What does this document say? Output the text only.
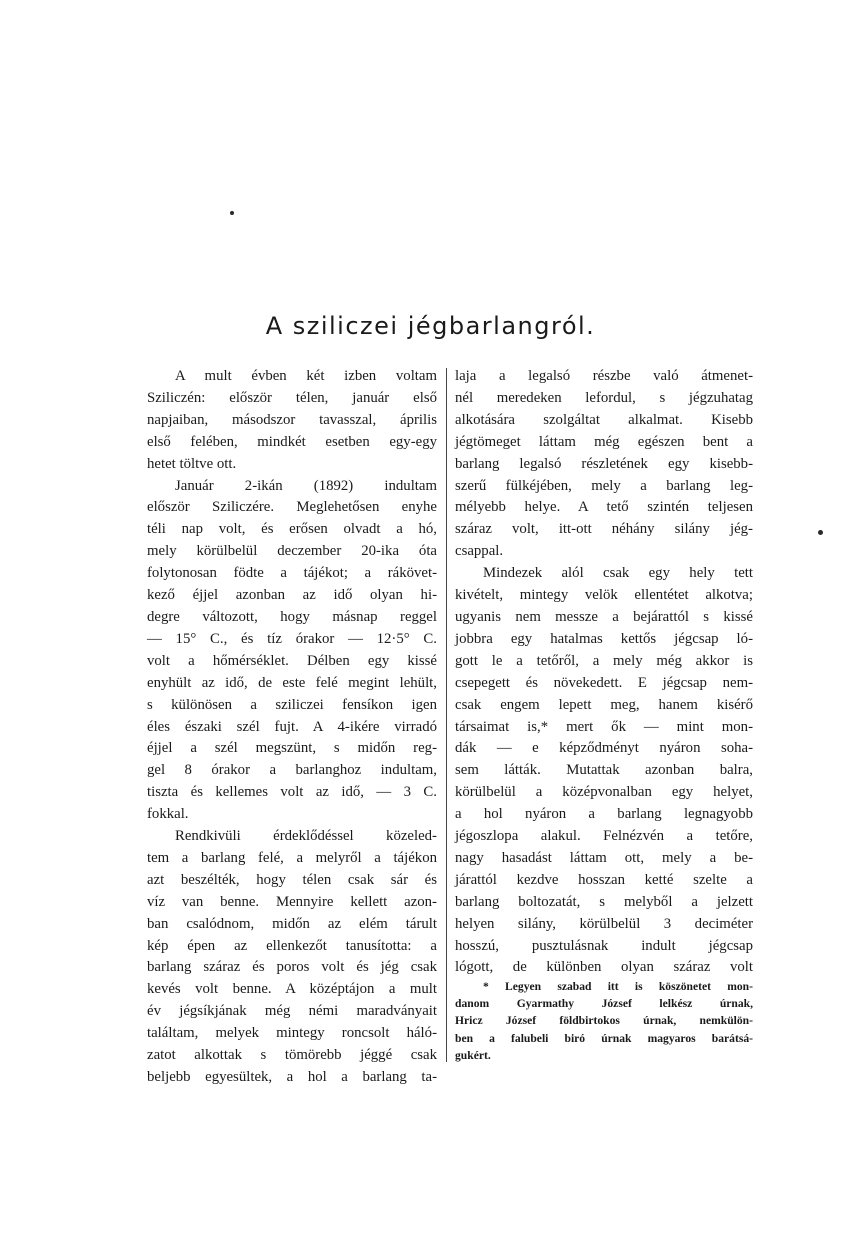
A sziliczei jégbarlangról.

A mult évben két izben voltam
Sziliczén: először télen, január első
napjaiban, másodszor tavasszal, április
első felében, mindkét esetben egy-egy
hetet töltve ott.

Január 2-ikán (1892) indultam
először Sziliczére. Meglehetősen enyhe
téli nap volt, és erősen olvadt a hó,
mely körülbelül deczember 20-ika óta
folytonosan födte a tájékot; a rákövet-
kező éjjel azonban az idő olyan hi-
degre változott, hogy másnap reggel
— 15° C., és tíz órakor — 12·5° C.
volt a hőmérséklet. Délben egy kissé
enyhült az idő, de este felé megint lehült,
s különösen a sziliczei fensíkon igen
éles északi szél fujt. A 4-ikére virradó
éjjel a szél megszünt, s midőn reg-
gel 8 órakor a barlanghoz indultam,
tiszta és kellemes volt az idő, — 3 C.
fokkal.

Rendkivüli érdeklődéssel közeled-
tem a barlang felé, a melyről a tájékon
azt beszélték, hogy télen csak sár és
víz van benne. Mennyire kellett azon-
ban csalódnom, midőn az elém tárult
kép épen az ellenkezőt tanusította: a
barlang száraz és poros volt és jég csak
kevés volt benne. A középtájon a mult
év jégsíkjának még némi maradványait
találtam, melyek mintegy roncsolt háló-
zatot alkottak s tömörebb jéggé csak
beljebb egyesültek, a hol a barlang ta-

laja a legalsó részbe való átmenet-
nél meredeken lefordul, s jégzuhatag
alkotására szolgáltat alkalmat. Kisebb
jégtömeget láttam még egészen bent a
barlang legalsó részletének egy kisebb-
szerű fülkéjében, mely a barlang leg-
mélyebb helye. A tető szintén teljesen
száraz volt, itt-ott néhány silány jég-
csappal.

Mindezek alól csak egy hely tett
kivételt, mintegy velök ellentétet alkotva;
ugyanis nem messze a bejárattól s kissé
jobbra egy hatalmas kettős jégcsap ló-
gott le a tetőről, a mely még akkor is
csepegett és növekedett. E jégcsap nem-
csak engem lepett meg, hanem kisérő
társaimat is,* mert ők — mint mon-
dák — e képződményt nyáron soha-
sem látták. Mutattak azonban balra,
körülbelül a középvonalban egy helyet,
a hol nyáron a barlang legnagyobb
jégoszlopa alakul. Felnézvén a tetőre,
nagy hasadást láttam ott, mely a be-
járattól kezdve hosszan ketté szelte a
barlang boltozatát, s melyből a jelzett
helyen silány, körülbelül 3 deciméter
hosszú, pusztulásnak indult jégcsap
lógott, de különben olyan száraz volt

* Legyen szabad itt is köszönetet mon-
danom Gyarmathy József lelkész úrnak,
Hricz József földbirtokos úrnak, nemkülön-
ben a falubeli biró úrnak magyaros barátsá-
gukért.
